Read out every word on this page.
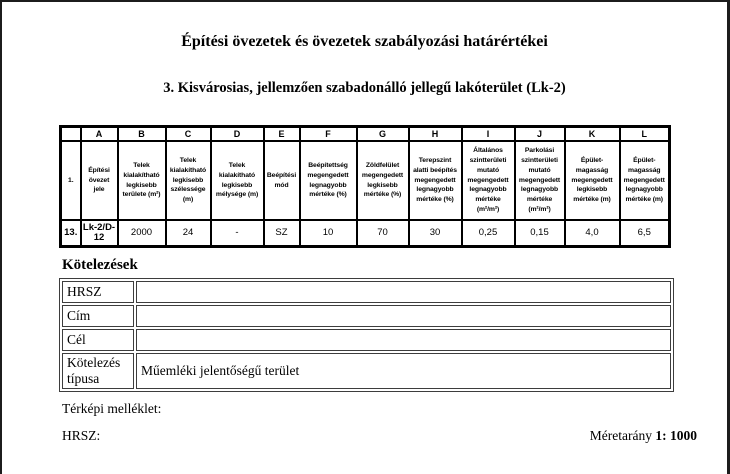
Építési övezetek és övezetek szabályozási határértékei
3. Kisvárosias, jellemzően szabadonálló jellegű lakóterület (Lk-2)
	A	B	C	D	E	F	G	H	I	J	K	L
1.	Építési övezet jele	Telek kialakítható legkisebb területe (m²)	Telek kialakítható legkisebb szélessége (m)	Telek kialakítható legkisebb mélysége (m)	Beépítési mód	Beépítettség megengedett legnagyobb mértéke (%)	Zöldfelület megengedett legkisebb mértéke (%)	Terepszint alatti beépítés megengedett legnagyobb mértéke (%)	Általános szintterületi mutató megengedett legnagyobb mértéke (m²/m²)	Parkolási szintterületi mutató megengedett legnagyobb mértéke (m²/m²)	Épület-magasság megengedett legkisebb mértéke (m)	Épület-magasság megengedett legnagyobb mértéke (m)
13.	Lk-2/D-12	2000	24	-	SZ	10	70	30	0,25	0,15	4,0	6,5
Kötelezések
HRSZ	
Cím	
Cél	
Kötelezés típusa	Műemléki jelentőségű terület
Térképi melléklet:
HRSZ:	Méretarány 1: 1000
